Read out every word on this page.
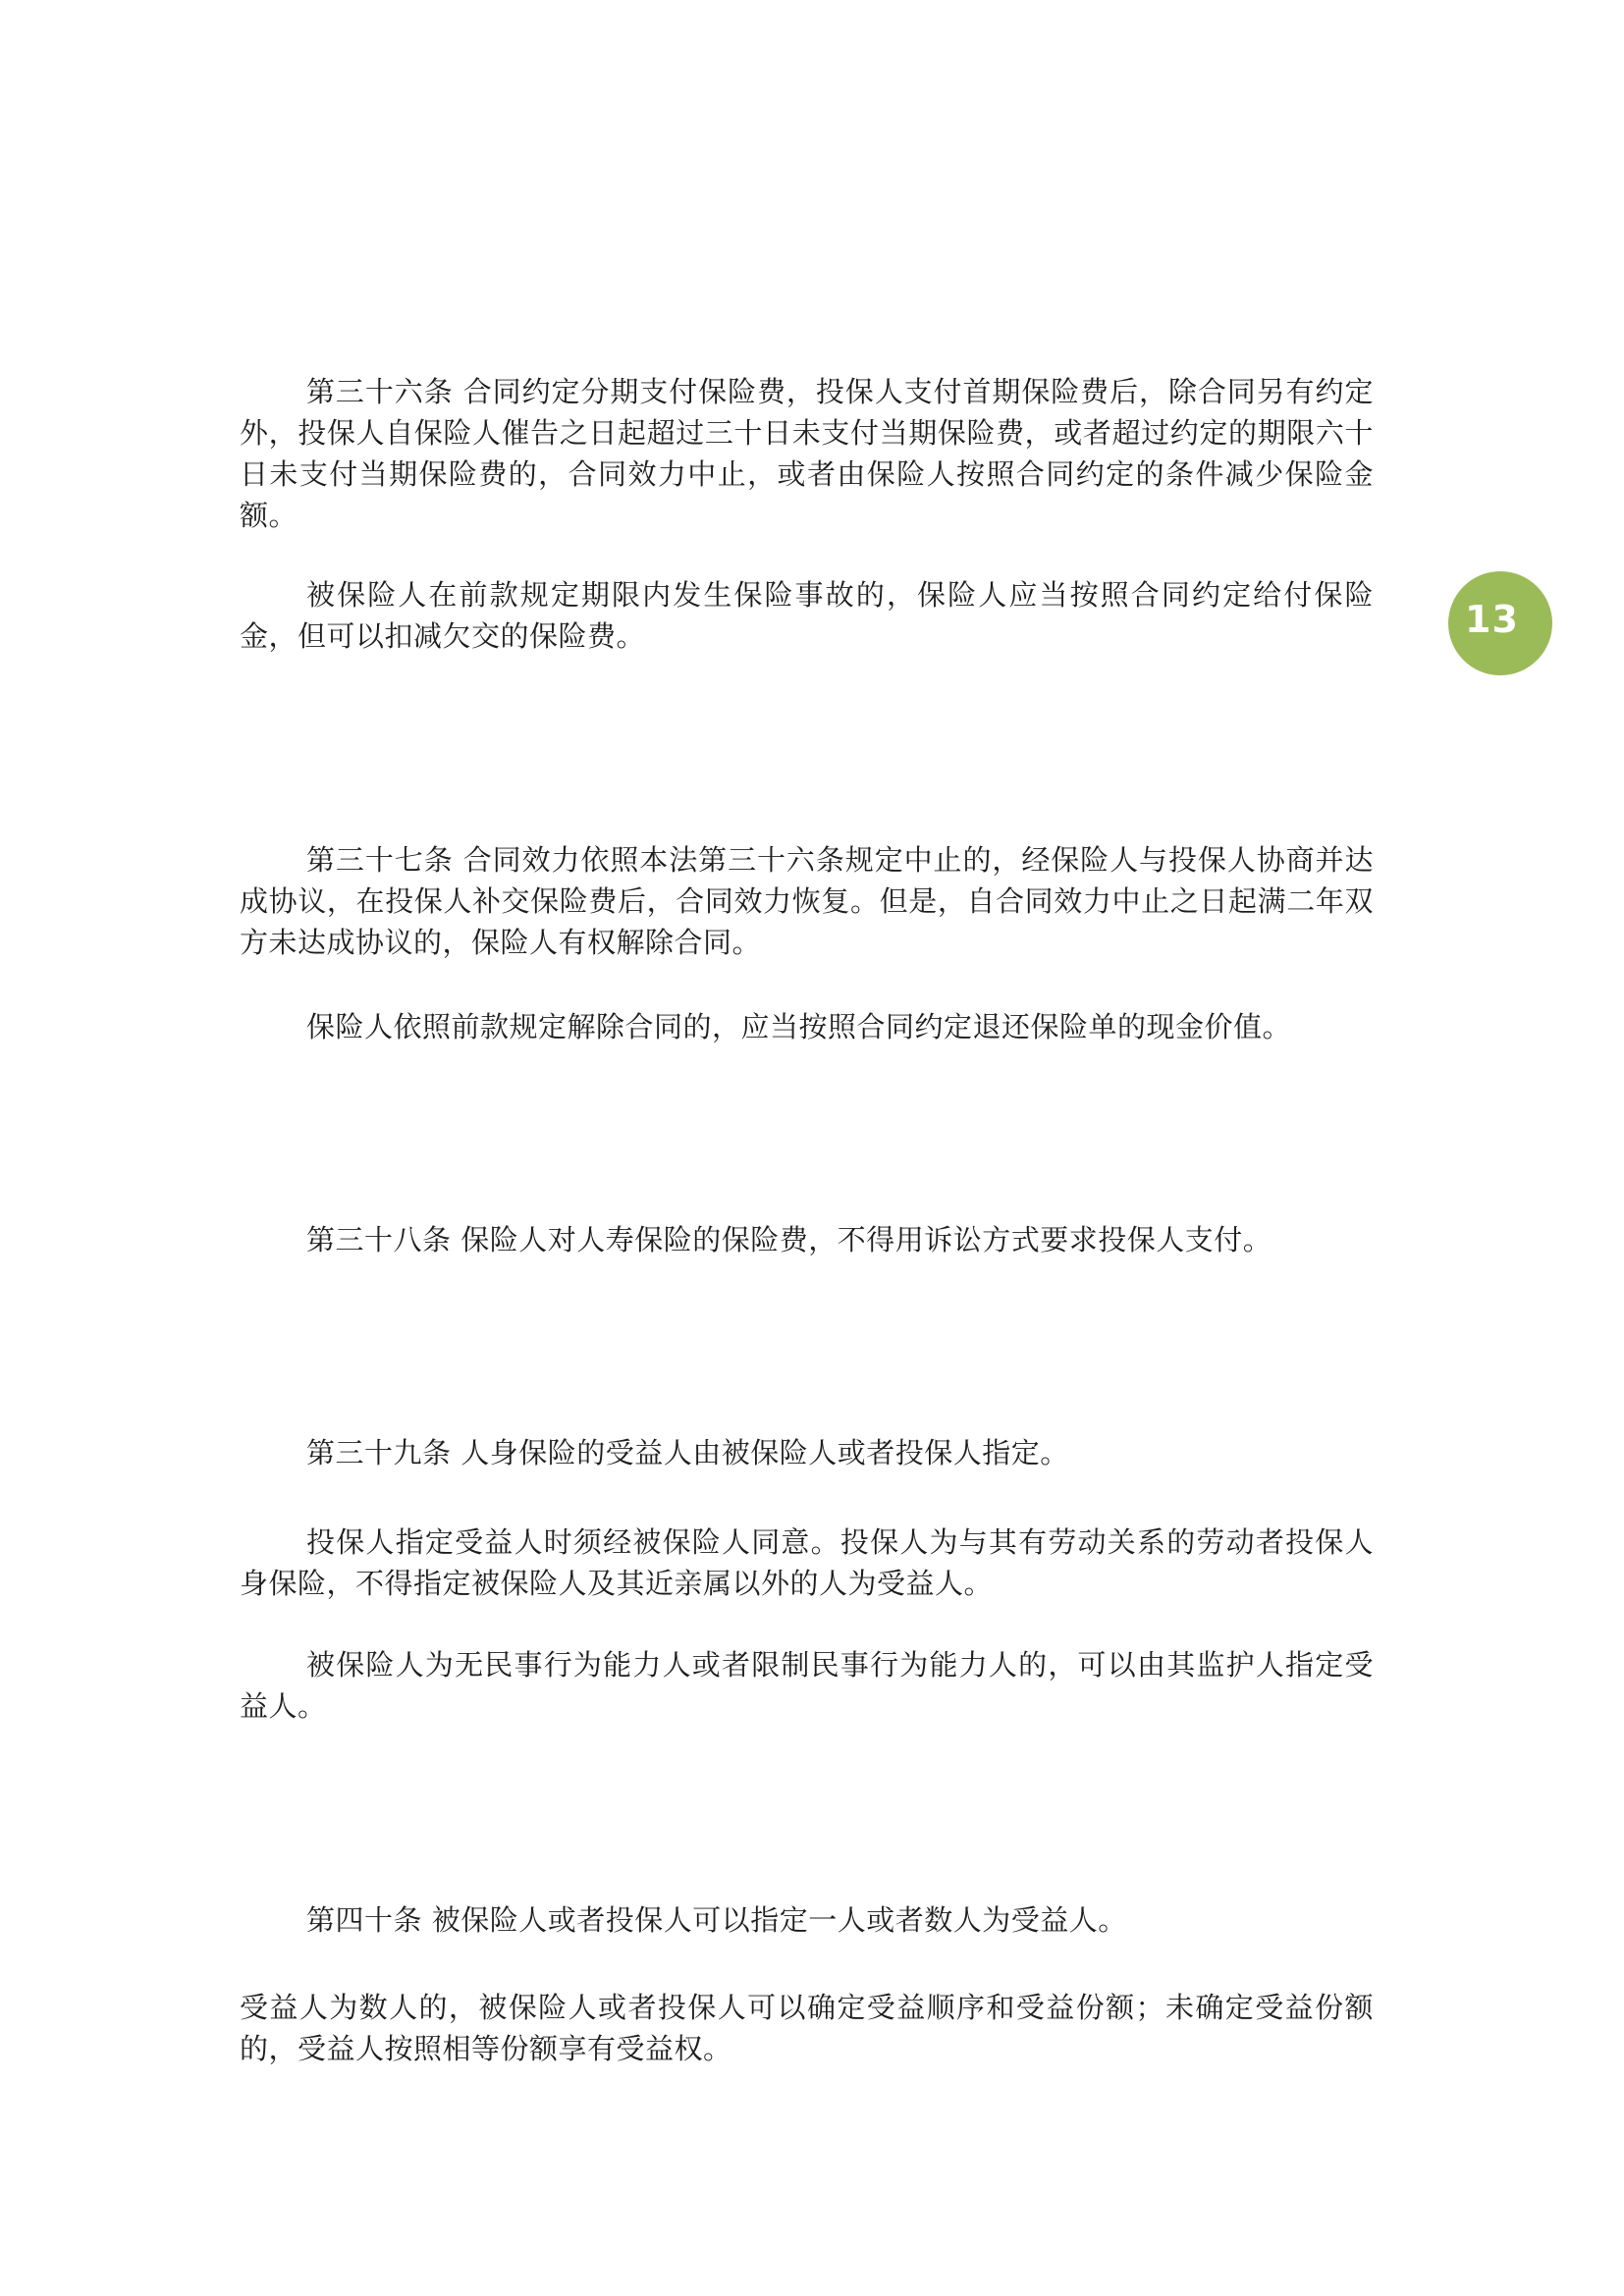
第三十六条 合同约定分期支付保险费，投保人支付首期保险费后，除合同另有约定外，投保人自保险人催告之日起超过三十日未支付当期保险费，或者超过约定的期限六十日未支付当期保险费的，合同效力中止，或者由保险人按照合同约定的条件减少保险金额。

被保险人在前款规定期限内发生保险事故的，保险人应当按照合同约定给付保险金，但可以扣减欠交的保险费。

第三十七条 合同效力依照本法第三十六条规定中止的，经保险人与投保人协商并达成协议，在投保人补交保险费后，合同效力恢复。但是，自合同效力中止之日起满二年双方未达成协议的，保险人有权解除合同。

保险人依照前款规定解除合同的，应当按照合同约定退还保险单的现金价值。

第三十八条 保险人对人寿保险的保险费，不得用诉讼方式要求投保人支付。

第三十九条 人身保险的受益人由被保险人或者投保人指定。

投保人指定受益人时须经被保险人同意。投保人为与其有劳动关系的劳动者投保人身保险，不得指定被保险人及其近亲属以外的人为受益人。

被保险人为无民事行为能力人或者限制民事行为能力人的，可以由其监护人指定受益人。

第四十条 被保险人或者投保人可以指定一人或者数人为受益人。

受益人为数人的，被保险人或者投保人可以确定受益顺序和受益份额；未确定受益份额的，受益人按照相等份额享有受益权。

13
